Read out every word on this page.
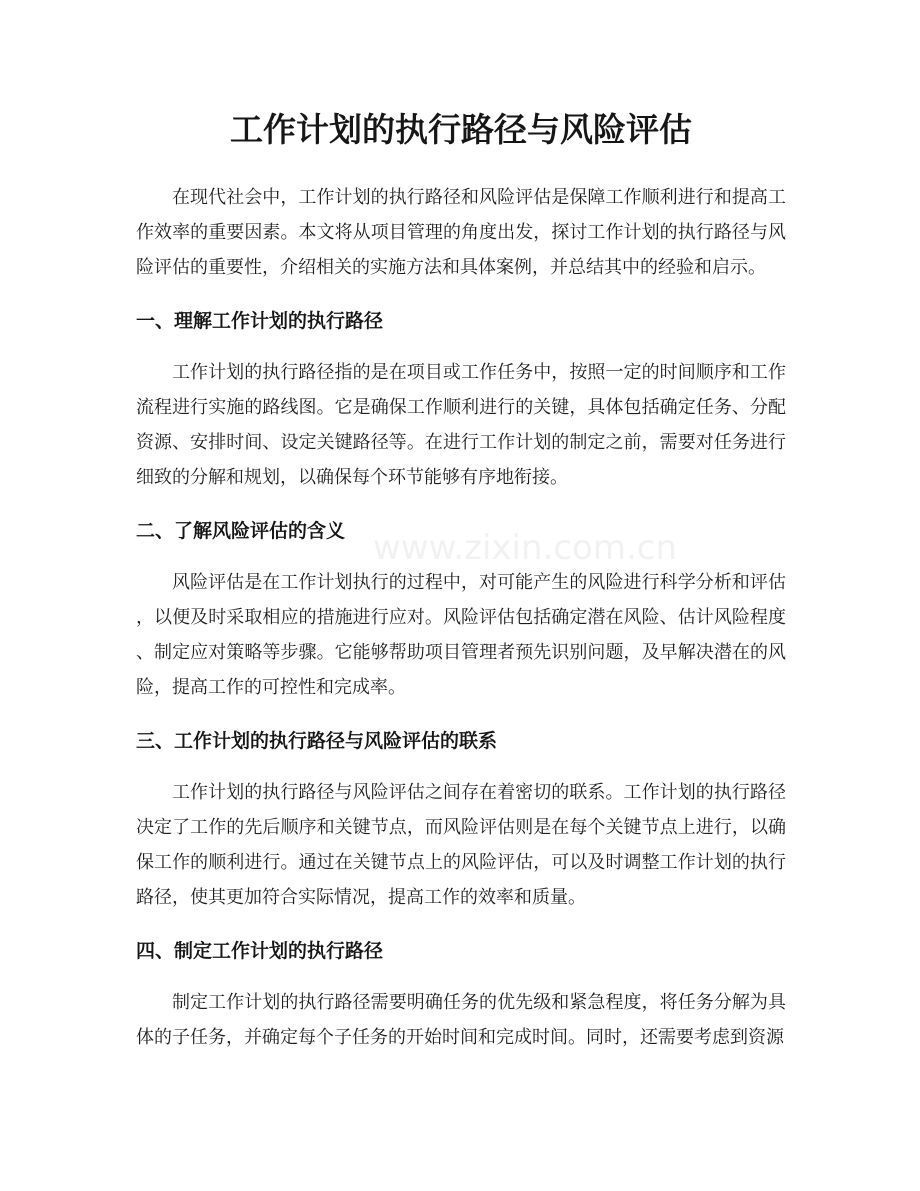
www.zixin.com.cn
工作计划的执行路径与风险评估

在现代社会中，工作计划的执行路径和风险评估是保障工作顺利进行和提高工作效率的重要因素。本文将从项目管理的角度出发，探讨工作计划的执行路径与风险评估的重要性，介绍相关的实施方法和具体案例，并总结其中的经验和启示。

一、理解工作计划的执行路径

工作计划的执行路径指的是在项目或工作任务中，按照一定的时间顺序和工作流程进行实施的路线图。它是确保工作顺利进行的关键，具体包括确定任务、分配资源、安排时间、设定关键路径等。在进行工作计划的制定之前，需要对任务进行细致的分解和规划，以确保每个环节能够有序地衔接。

二、了解风险评估的含义

风险评估是在工作计划执行的过程中，对可能产生的风险进行科学分析和评估，以便及时采取相应的措施进行应对。风险评估包括确定潜在风险、估计风险程度、制定应对策略等步骤。它能够帮助项目管理者预先识别问题，及早解决潜在的风险，提高工作的可控性和完成率。

三、工作计划的执行路径与风险评估的联系

工作计划的执行路径与风险评估之间存在着密切的联系。工作计划的执行路径决定了工作的先后顺序和关键节点，而风险评估则是在每个关键节点上进行，以确保工作的顺利进行。通过在关键节点上的风险评估，可以及时调整工作计划的执行路径，使其更加符合实际情况，提高工作的效率和质量。

四、制定工作计划的执行路径

制定工作计划的执行路径需要明确任务的优先级和紧急程度，将任务分解为具体的子任务，并确定每个子任务的开始时间和完成时间。同时，还需要考虑到资源
